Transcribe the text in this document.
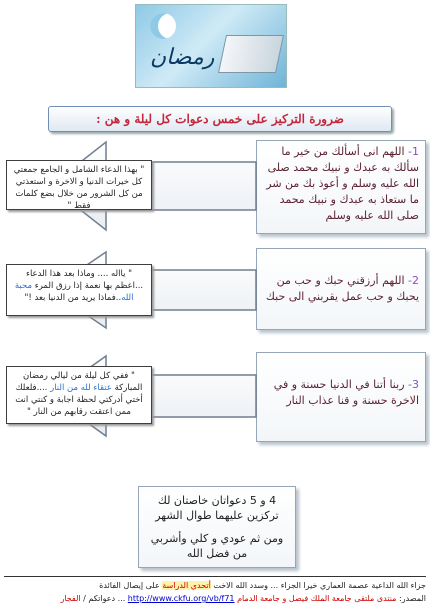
رمضان
ضرورة التركيز على خمس دعوات كل ليلة و هن :
1- اللهم انى أسألك من خير ما سألك به عبدك و نبيك محمد صلى الله عليه وسلم و أعوذ بك من شر ما ستعاذ به عبدك و نبيك محمد صلى الله عليه وسلم
2- اللهم أرزقني حبك و حب من يحبك و حب عمل يقربني الى حبك
3- ربنا أتنا في الدنيا حسنة و في الاخرة حسنة و قنا عذاب النار
" بهذا الدعاء الشامل و الجامع جمعتي كل خيرات الدنيا و الاخرة و استعذتي من كل الشرور من خلال بضع كلمات فقط "
" يااله .... وماذا بعد هذا الدعاء ...اعظم بها نعمة إذا رزق المرء محبة الله..فماذا يريد من الدنيا بعد !"
" ففي كل ليلة من ليالي رمضان المباركة عتقاء لله من النار ....فلعلك أختي أدركتي لحظة اجابة و كنتي انت ممن اعتقت رقابهم من النار "
4 و 5 دعواتان خاصتان لك تركزين عليهما طوال الشهر
ومن ثم عودي و كلي وأشربي من فضل الله
جزاء الله الداعية عصمة العماري خيرا الجزاء ... وسدد الله الاخت أتحدي الدراسة على إيصال الفائدة
المصدر: منتدى ملتقى جامعة الملك فيصل و جامعة الدمام http://www.ckfu.org/vb/f71 ... دعواتكم / الفجار
